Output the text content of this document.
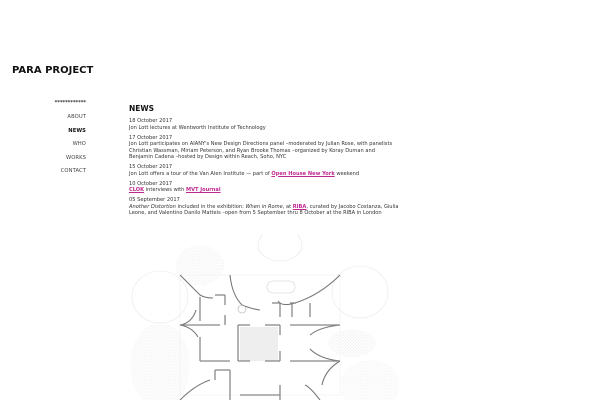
PARA PROJECT
************
ABOUT
NEWS
WHO
WORKS
CONTACT
NEWS
18 October 2017
Jon Lott lectures at Wentworth Institute of Technology
17 October 2017
Jon Lott participates on AIANY's New Design Directions panel –moderated by Julian Rose, with panelists Christian Wassman, Miriam Peterson, and Ryan Brooke Thomas –organized by Koray Duman and Benjamin Cadena –hosted by Design within Reach, Soho, NYC
15 October 2017
Jon Lott offers a tour of the Van Alen Institute — part of Open House New York weekend
10 October 2017
CLOK interviews with MVT Journal
05 September 2017
Another Distortion included in the exhibition: When in Rome, at RIBA, curated by Jacobo Costanza, Giulia Leone, and Valentino Danilo Matteis –open from 5 September thru 8 October at the RIBA in London
